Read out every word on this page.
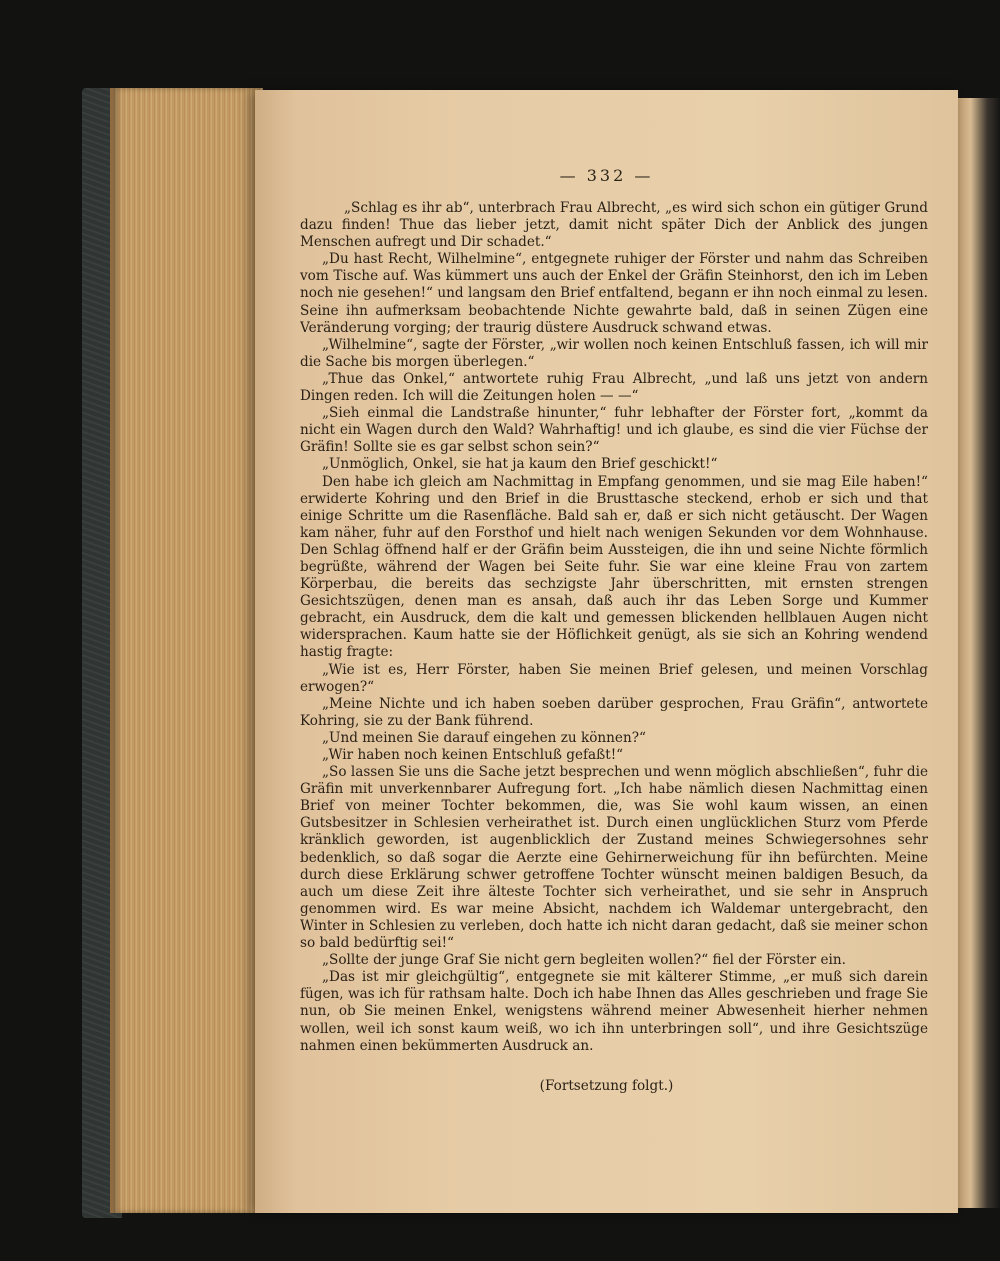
— 332 —

„Schlag es ihr ab“, unterbrach Frau Albrecht, „es wird sich schon ein gütiger Grund dazu finden! Thue das lieber jetzt, damit nicht später Dich der Anblick des jungen Menschen aufregt und Dir schadet.“

„Du hast Recht, Wilhelmine“, entgegnete ruhiger der Förster und nahm das Schreiben vom Tische auf. Was kümmert uns auch der Enkel der Gräfin Steinhorst, den ich im Leben noch nie gesehen!“ und langsam den Brief entfaltend, begann er ihn noch einmal zu lesen. Seine ihn aufmerksam beobachtende Nichte gewahrte bald, daß in seinen Zügen eine Veränderung vorging; der traurig düstere Ausdruck schwand etwas.

„Wilhelmine“, sagte der Förster, „wir wollen noch keinen Entschluß fassen, ich will mir die Sache bis morgen überlegen.“

„Thue das Onkel,“ antwortete ruhig Frau Albrecht, „und laß uns jetzt von andern Dingen reden. Ich will die Zeitungen holen — —“

„Sieh einmal die Landstraße hinunter,“ fuhr lebhafter der Förster fort, „kommt da nicht ein Wagen durch den Wald? Wahrhaftig! und ich glaube, es sind die vier Füchse der Gräfin! Sollte sie es gar selbst schon sein?“

„Unmöglich, Onkel, sie hat ja kaum den Brief geschickt!“

Den habe ich gleich am Nachmittag in Empfang genommen, und sie mag Eile haben!“ erwiderte Kohring und den Brief in die Brusttasche steckend, erhob er sich und that einige Schritte um die Rasenfläche. Bald sah er, daß er sich nicht getäuscht. Der Wagen kam näher, fuhr auf den Forsthof und hielt nach wenigen Sekunden vor dem Wohnhause. Den Schlag öffnend half er der Gräfin beim Aussteigen, die ihn und seine Nichte förmlich begrüßte, während der Wagen bei Seite fuhr. Sie war eine kleine Frau von zartem Körperbau, die bereits das sechzigste Jahr überschritten, mit ernsten strengen Gesichtszügen, denen man es ansah, daß auch ihr das Leben Sorge und Kummer gebracht, ein Ausdruck, dem die kalt und gemessen blickenden hellblauen Augen nicht widersprachen. Kaum hatte sie der Höflichkeit genügt, als sie sich an Kohring wendend hastig fragte:

„Wie ist es, Herr Förster, haben Sie meinen Brief gelesen, und meinen Vorschlag erwogen?“

„Meine Nichte und ich haben soeben darüber gesprochen, Frau Gräfin“, antwortete Kohring, sie zu der Bank führend.

„Und meinen Sie darauf eingehen zu können?“

„Wir haben noch keinen Entschluß gefaßt!“

„So lassen Sie uns die Sache jetzt besprechen und wenn möglich abschließen“, fuhr die Gräfin mit unverkennbarer Aufregung fort. „Ich habe nämlich diesen Nachmittag einen Brief von meiner Tochter bekommen, die, was Sie wohl kaum wissen, an einen Gutsbesitzer in Schlesien verheirathet ist. Durch einen unglücklichen Sturz vom Pferde kränklich geworden, ist augenblicklich der Zustand meines Schwiegersohnes sehr bedenklich, so daß sogar die Aerzte eine Gehirnerweichung für ihn befürchten. Meine durch diese Erklärung schwer getroffene Tochter wünscht meinen baldigen Besuch, da auch um diese Zeit ihre älteste Tochter sich verheirathet, und sie sehr in Anspruch genommen wird. Es war meine Absicht, nachdem ich Waldemar untergebracht, den Winter in Schlesien zu verleben, doch hatte ich nicht daran gedacht, daß sie meiner schon so bald bedürftig sei!“

„Sollte der junge Graf Sie nicht gern begleiten wollen?“ fiel der Förster ein.

„Das ist mir gleichgültig“, entgegnete sie mit kälterer Stimme, „er muß sich darein fügen, was ich für rathsam halte. Doch ich habe Ihnen das Alles geschrieben und frage Sie nun, ob Sie meinen Enkel, wenigstens während meiner Abwesenheit hierher nehmen wollen, weil ich sonst kaum weiß, wo ich ihn unterbringen soll“, und ihre Gesichtszüge nahmen einen bekümmerten Ausdruck an.

(Fortsetzung folgt.)
